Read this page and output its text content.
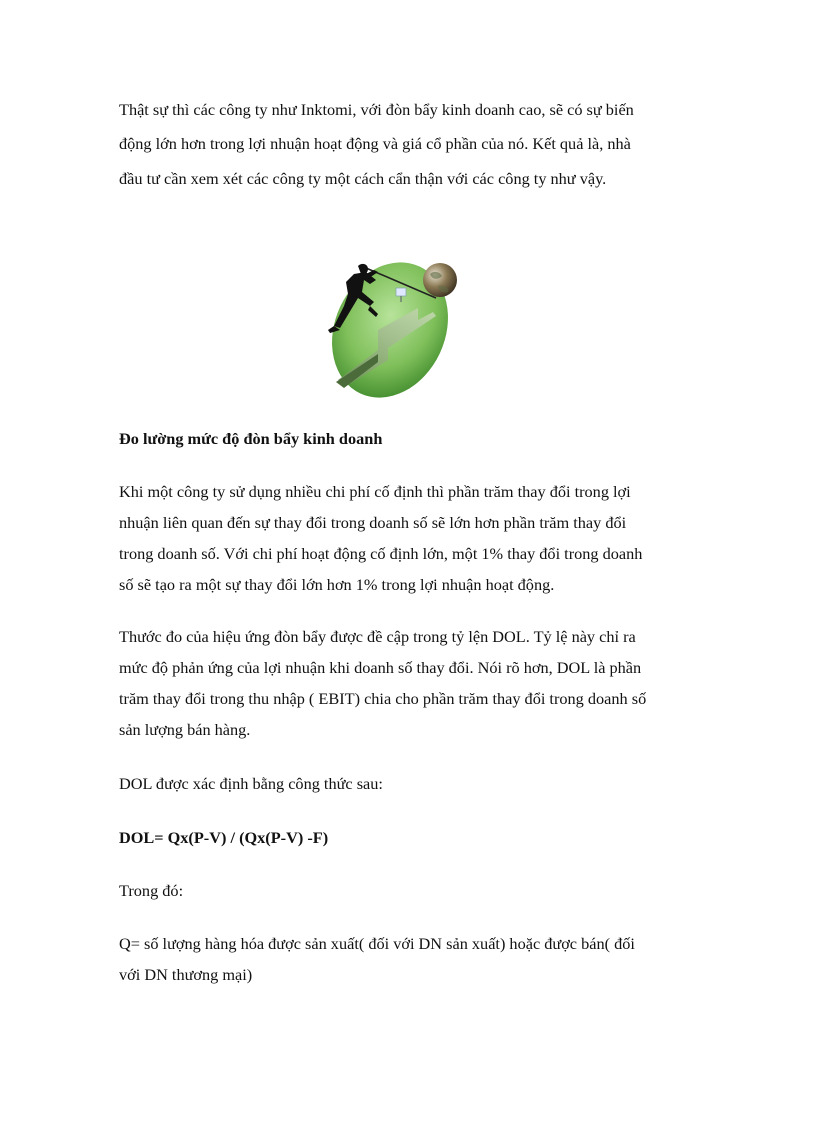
Thật sự thì các công ty như Inktomi, với đòn bẩy kinh doanh cao, sẽ có sự biến
động lớn hơn trong lợi nhuận hoạt động và giá cổ phần của nó. Kết quả là, nhà
đầu tư cần xem xét các công ty một cách cẩn thận với các công ty như vậy.
Đo lường mức độ đòn bẩy kinh doanh
Khi một công ty sử dụng nhiều chi phí cố định thì phần trăm thay đổi trong lợi
nhuận liên quan đến sự thay đổi trong doanh số sẽ lớn hơn phần trăm thay đổi
trong doanh số. Với chi phí hoạt động cố định lớn, một 1% thay đổi trong doanh
số sẽ tạo ra một sự thay đổi lớn hơn 1% trong lợi nhuận hoạt động.
Thước đo của hiệu ứng đòn bẩy được đề cập trong tỷ lện DOL. Tỷ lệ này chỉ ra
mức độ phản ứng của lợi nhuận khi doanh số thay đổi. Nói rõ hơn, DOL là phần
trăm thay đổi trong thu nhập ( EBIT) chia cho phần trăm thay đổi trong doanh số
sản lượng bán hàng.
DOL được xác định bằng công thức sau:
DOL= Qx(P-V) / (Qx(P-V) -F)
Trong đó:
Q= số lượng hàng hóa được sản xuất( đối với DN sản xuất) hoặc được bán( đối
với DN thương mại)
